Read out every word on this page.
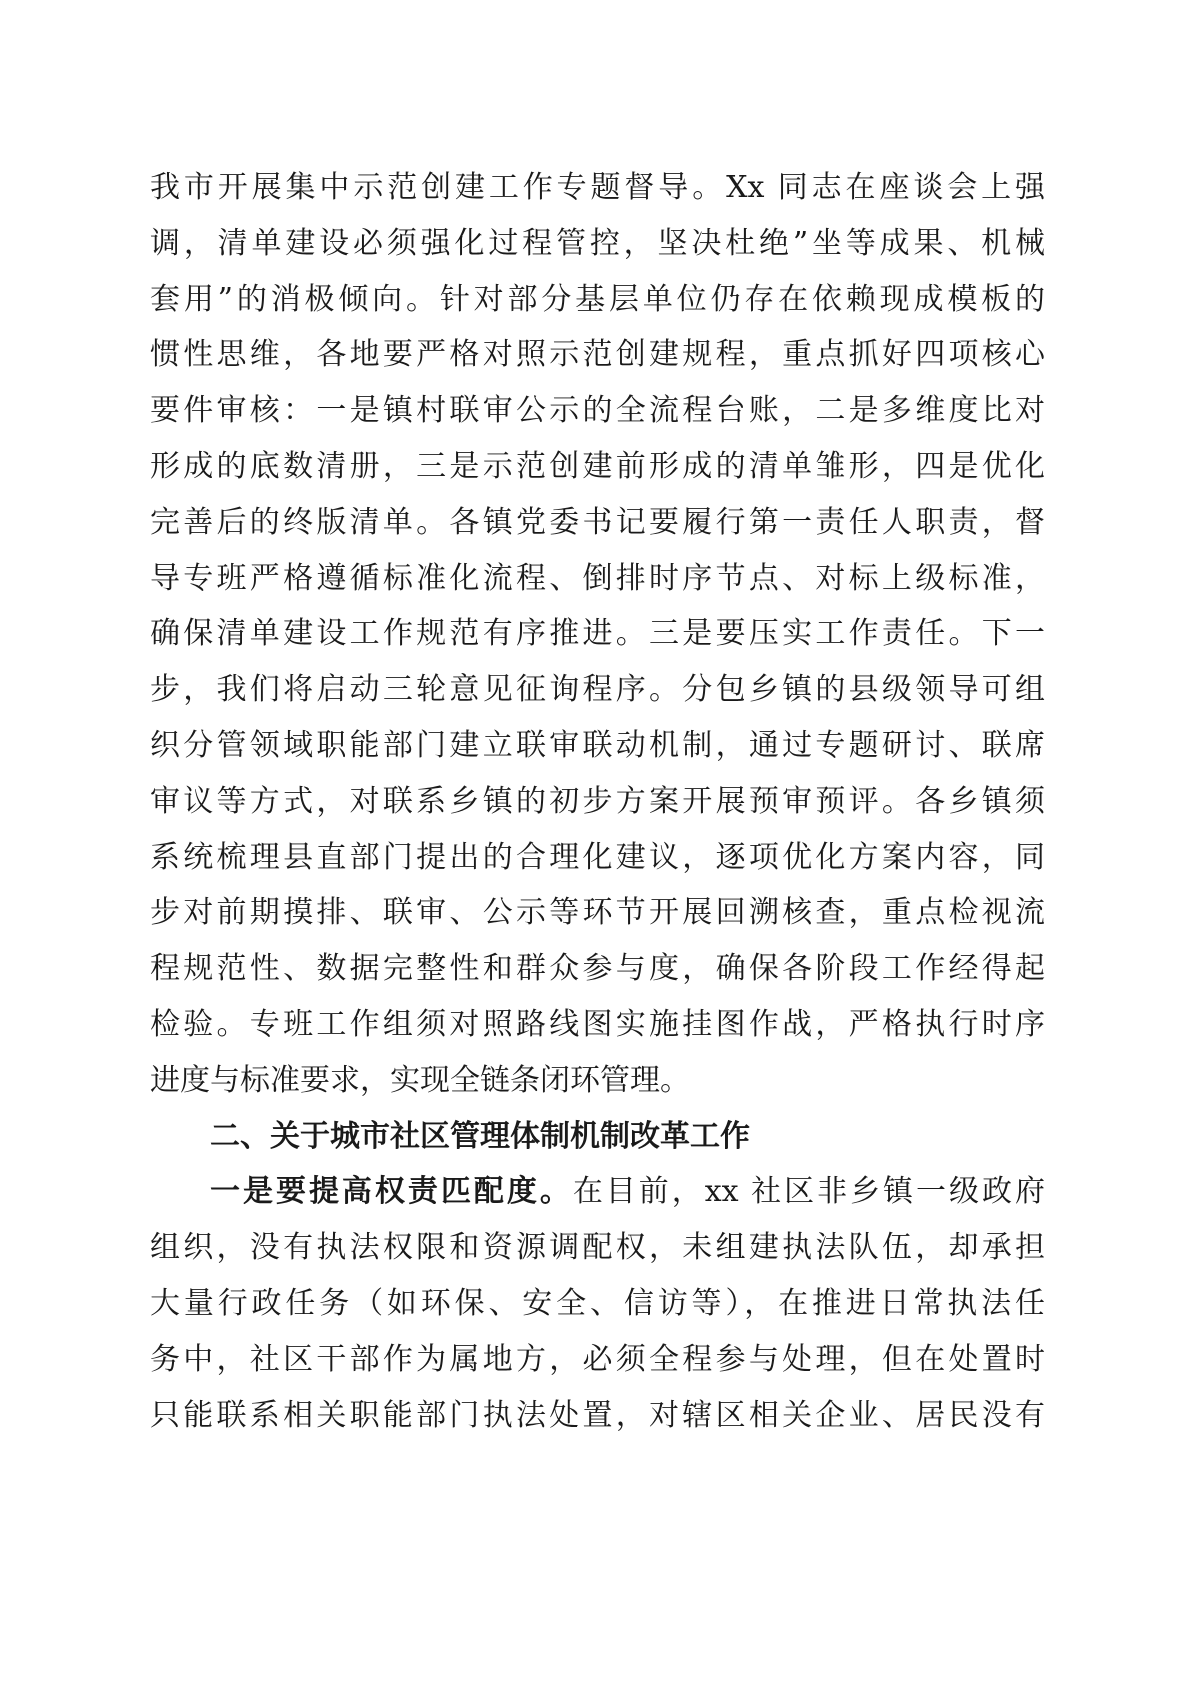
我市开展集中示范创建工作专题督导。Xx 同志在座谈会上强
调，清单建设必须强化过程管控，坚决杜绝”坐等成果、机械
套用”的消极倾向。针对部分基层单位仍存在依赖现成模板的
惯性思维，各地要严格对照示范创建规程，重点抓好四项核心
要件审核：一是镇村联审公示的全流程台账，二是多维度比对
形成的底数清册，三是示范创建前形成的清单雏形，四是优化
完善后的终版清单。各镇党委书记要履行第一责任人职责，督
导专班严格遵循标准化流程、倒排时序节点、对标上级标准，
确保清单建设工作规范有序推进。三是要压实工作责任。下一
步，我们将启动三轮意见征询程序。分包乡镇的县级领导可组
织分管领域职能部门建立联审联动机制，通过专题研讨、联席
审议等方式，对联系乡镇的初步方案开展预审预评。各乡镇须
系统梳理县直部门提出的合理化建议，逐项优化方案内容，同
步对前期摸排、联审、公示等环节开展回溯核查，重点检视流
程规范性、数据完整性和群众参与度，确保各阶段工作经得起
检验。专班工作组须对照路线图实施挂图作战，严格执行时序
进度与标准要求，实现全链条闭环管理。
二、关于城市社区管理体制机制改革工作
一是要提高权责匹配度。在目前，xx 社区非乡镇一级政府
组织，没有执法权限和资源调配权，未组建执法队伍，却承担
大量行政任务（如环保、安全、信访等），在推进日常执法任
务中，社区干部作为属地方，必须全程参与处理，但在处置时
只能联系相关职能部门执法处置，对辖区相关企业、居民没有
